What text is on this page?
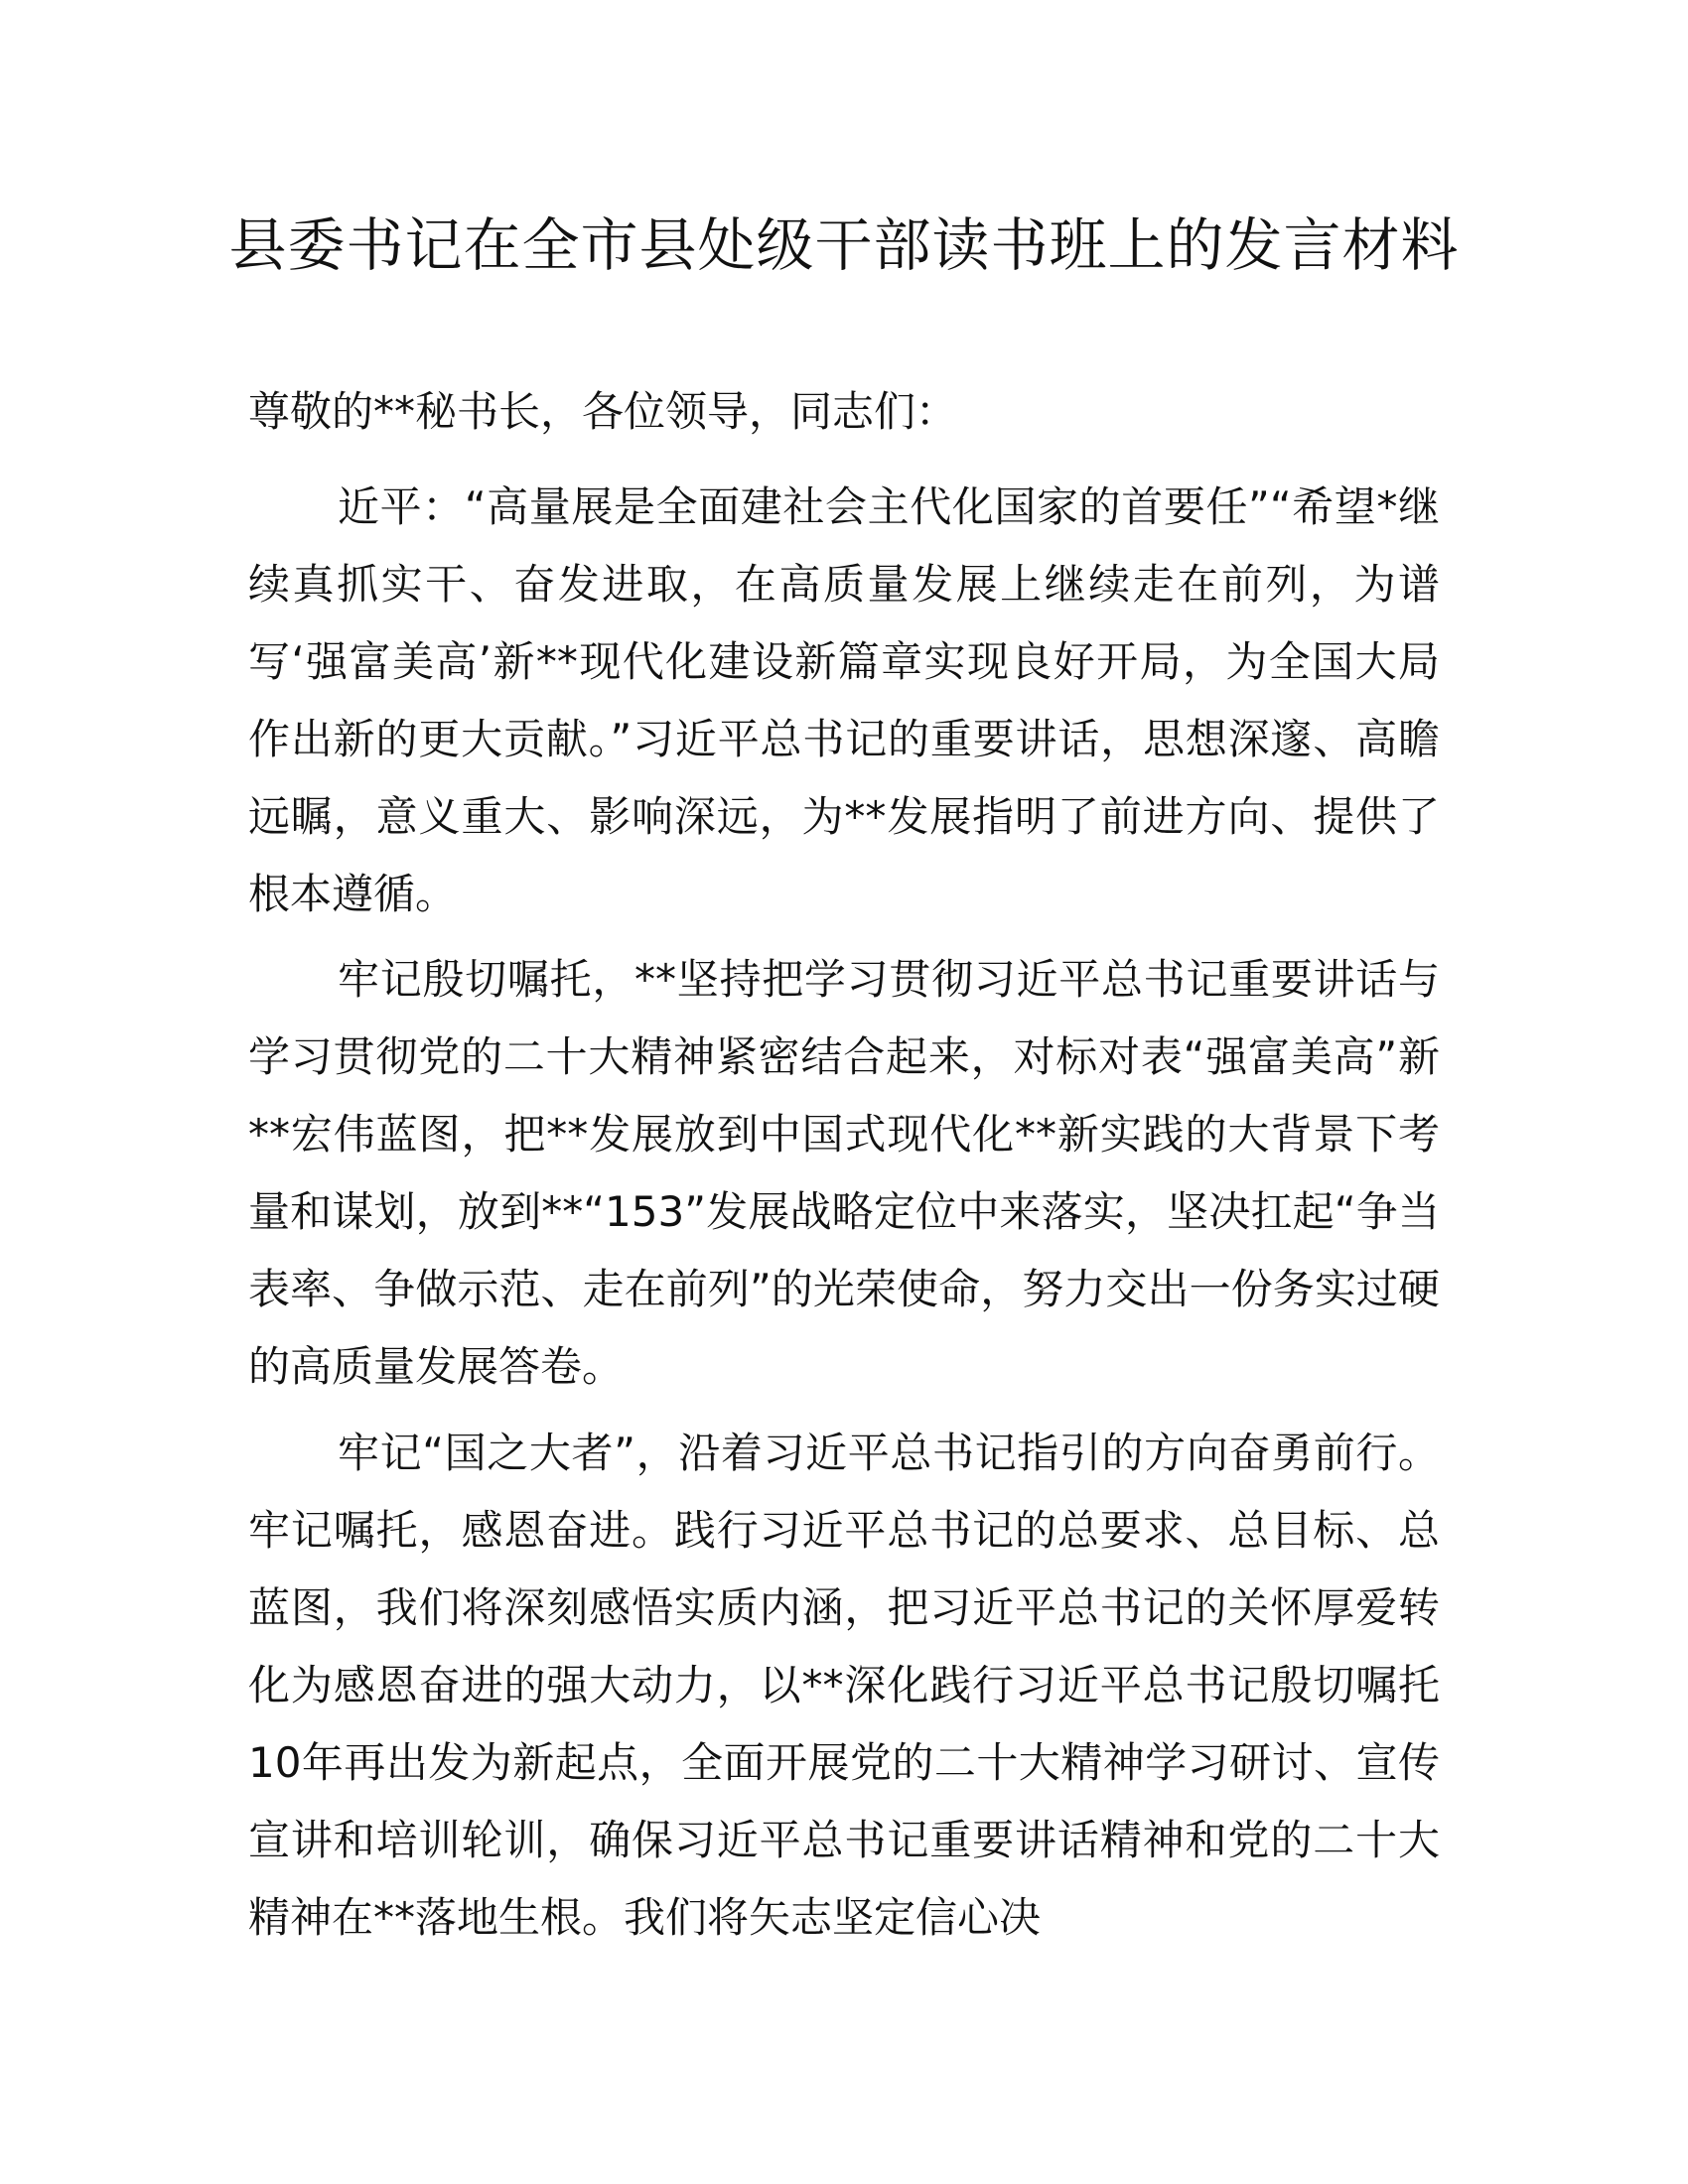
县委书记在全市县处级干部读书班上的发言材料

尊敬的**秘书长，各位领导，同志们：

近平：“高量展是全面建社会主代化国家的首要任”“希望*继续真抓实干、奋发进取，在高质量发展上继续走在前列，为谱写‘强富美高’新**现代化建设新篇章实现良好开局，为全国大局作出新的更大贡献。”习近平总书记的重要讲话，思想深邃、高瞻远瞩，意义重大、影响深远，为**发展指明了前进方向、提供了根本遵循。

牢记殷切嘱托，**坚持把学习贯彻习近平总书记重要讲话与学习贯彻党的二十大精神紧密结合起来，对标对表“强富美高”新**宏伟蓝图，把**发展放到中国式现代化**新实践的大背景下考量和谋划，放到**“153”发展战略定位中来落实，坚决扛起“争当表率、争做示范、走在前列”的光荣使命，努力交出一份务实过硬的高质量发展答卷。

牢记“国之大者”，沿着习近平总书记指引的方向奋勇前行。牢记嘱托，感恩奋进。践行习近平总书记的总要求、总目标、总蓝图，我们将深刻感悟实质内涵，把习近平总书记的关怀厚爱转化为感恩奋进的强大动力，以**深化践行习近平总书记殷切嘱托10年再出发为新起点，全面开展党的二十大精神学习研讨、宣传宣讲和培训轮训，确保习近平总书记重要讲话精神和党的二十大精神在**落地生根。我们将矢志坚定信心决
